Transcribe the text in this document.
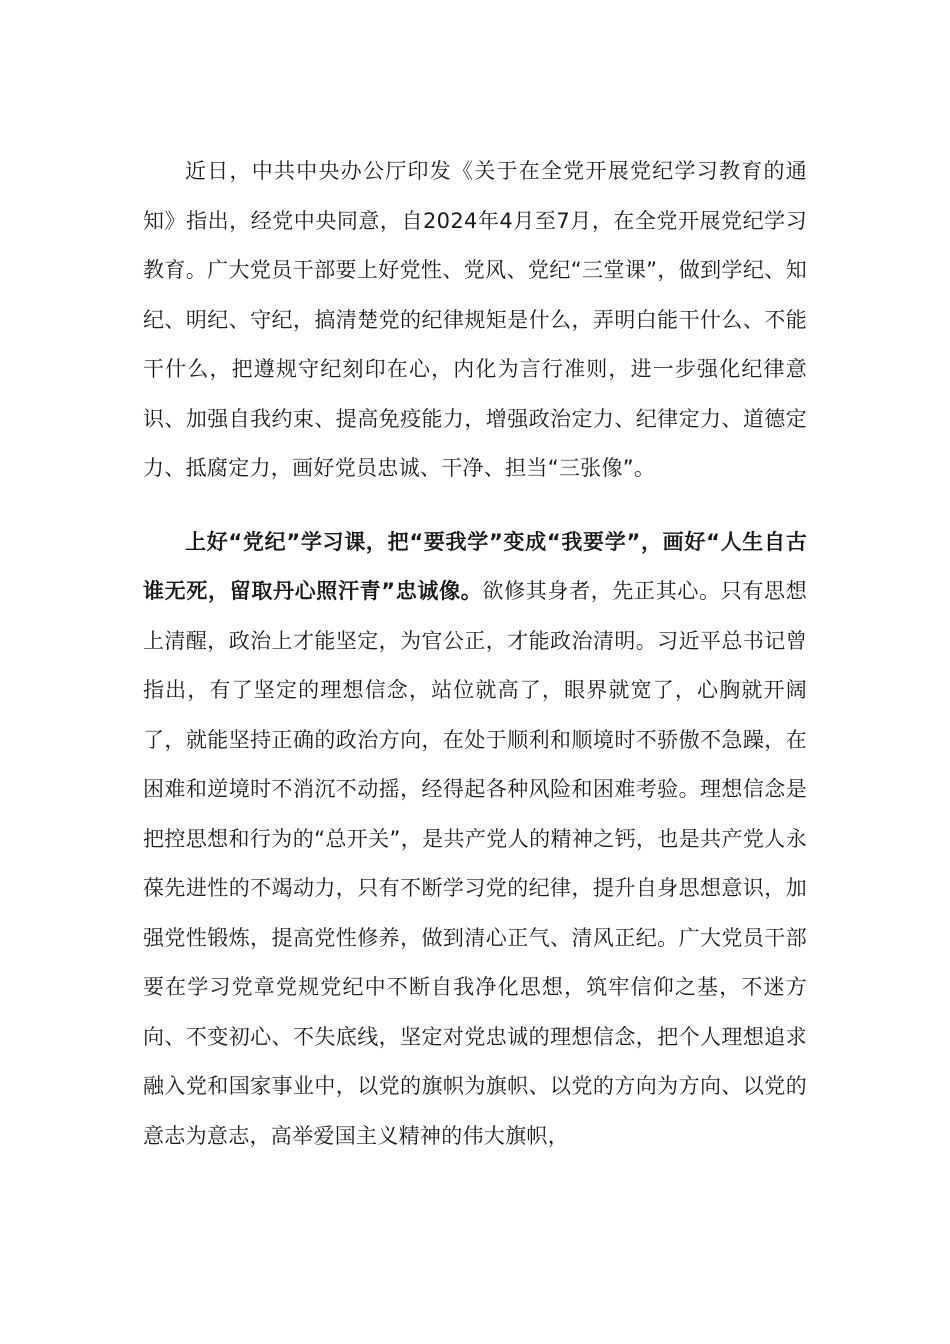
近日，中共中央办公厅印发《关于在全党开展党纪学习教育的通知》指出，经党中央同意，自2024年4月至7月，在全党开展党纪学习教育。广大党员干部要上好党性、党风、党纪“三堂课”，做到学纪、知纪、明纪、守纪，搞清楚党的纪律规矩是什么，弄明白能干什么、不能干什么，把遵规守纪刻印在心，内化为言行准则，进一步强化纪律意识、加强自我约束、提高免疫能力，增强政治定力、纪律定力、道德定力、抵腐定力，画好党员忠诚、干净、担当“三张像”。

上好“党纪”学习课，把“要我学”变成“我要学”，画好“人生自古谁无死，留取丹心照汗青”忠诚像。欲修其身者，先正其心。只有思想上清醒，政治上才能坚定，为官公正，才能政治清明。习近平总书记曾指出，有了坚定的理想信念，站位就高了，眼界就宽了，心胸就开阔了，就能坚持正确的政治方向，在处于顺利和顺境时不骄傲不急躁，在困难和逆境时不消沉不动摇，经得起各种风险和困难考验。理想信念是把控思想和行为的“总开关”，是共产党人的精神之钙，也是共产党人永葆先进性的不竭动力，只有不断学习党的纪律，提升自身思想意识，加强党性锻炼，提高党性修养，做到清心正气、清风正纪。广大党员干部要在学习党章党规党纪中不断自我净化思想，筑牢信仰之基，不迷方向、不变初心、不失底线，坚定对党忠诚的理想信念，把个人理想追求融入党和国家事业中，以党的旗帜为旗帜、以党的方向为方向、以党的意志为意志，高举爱国主义精神的伟大旗帜，
